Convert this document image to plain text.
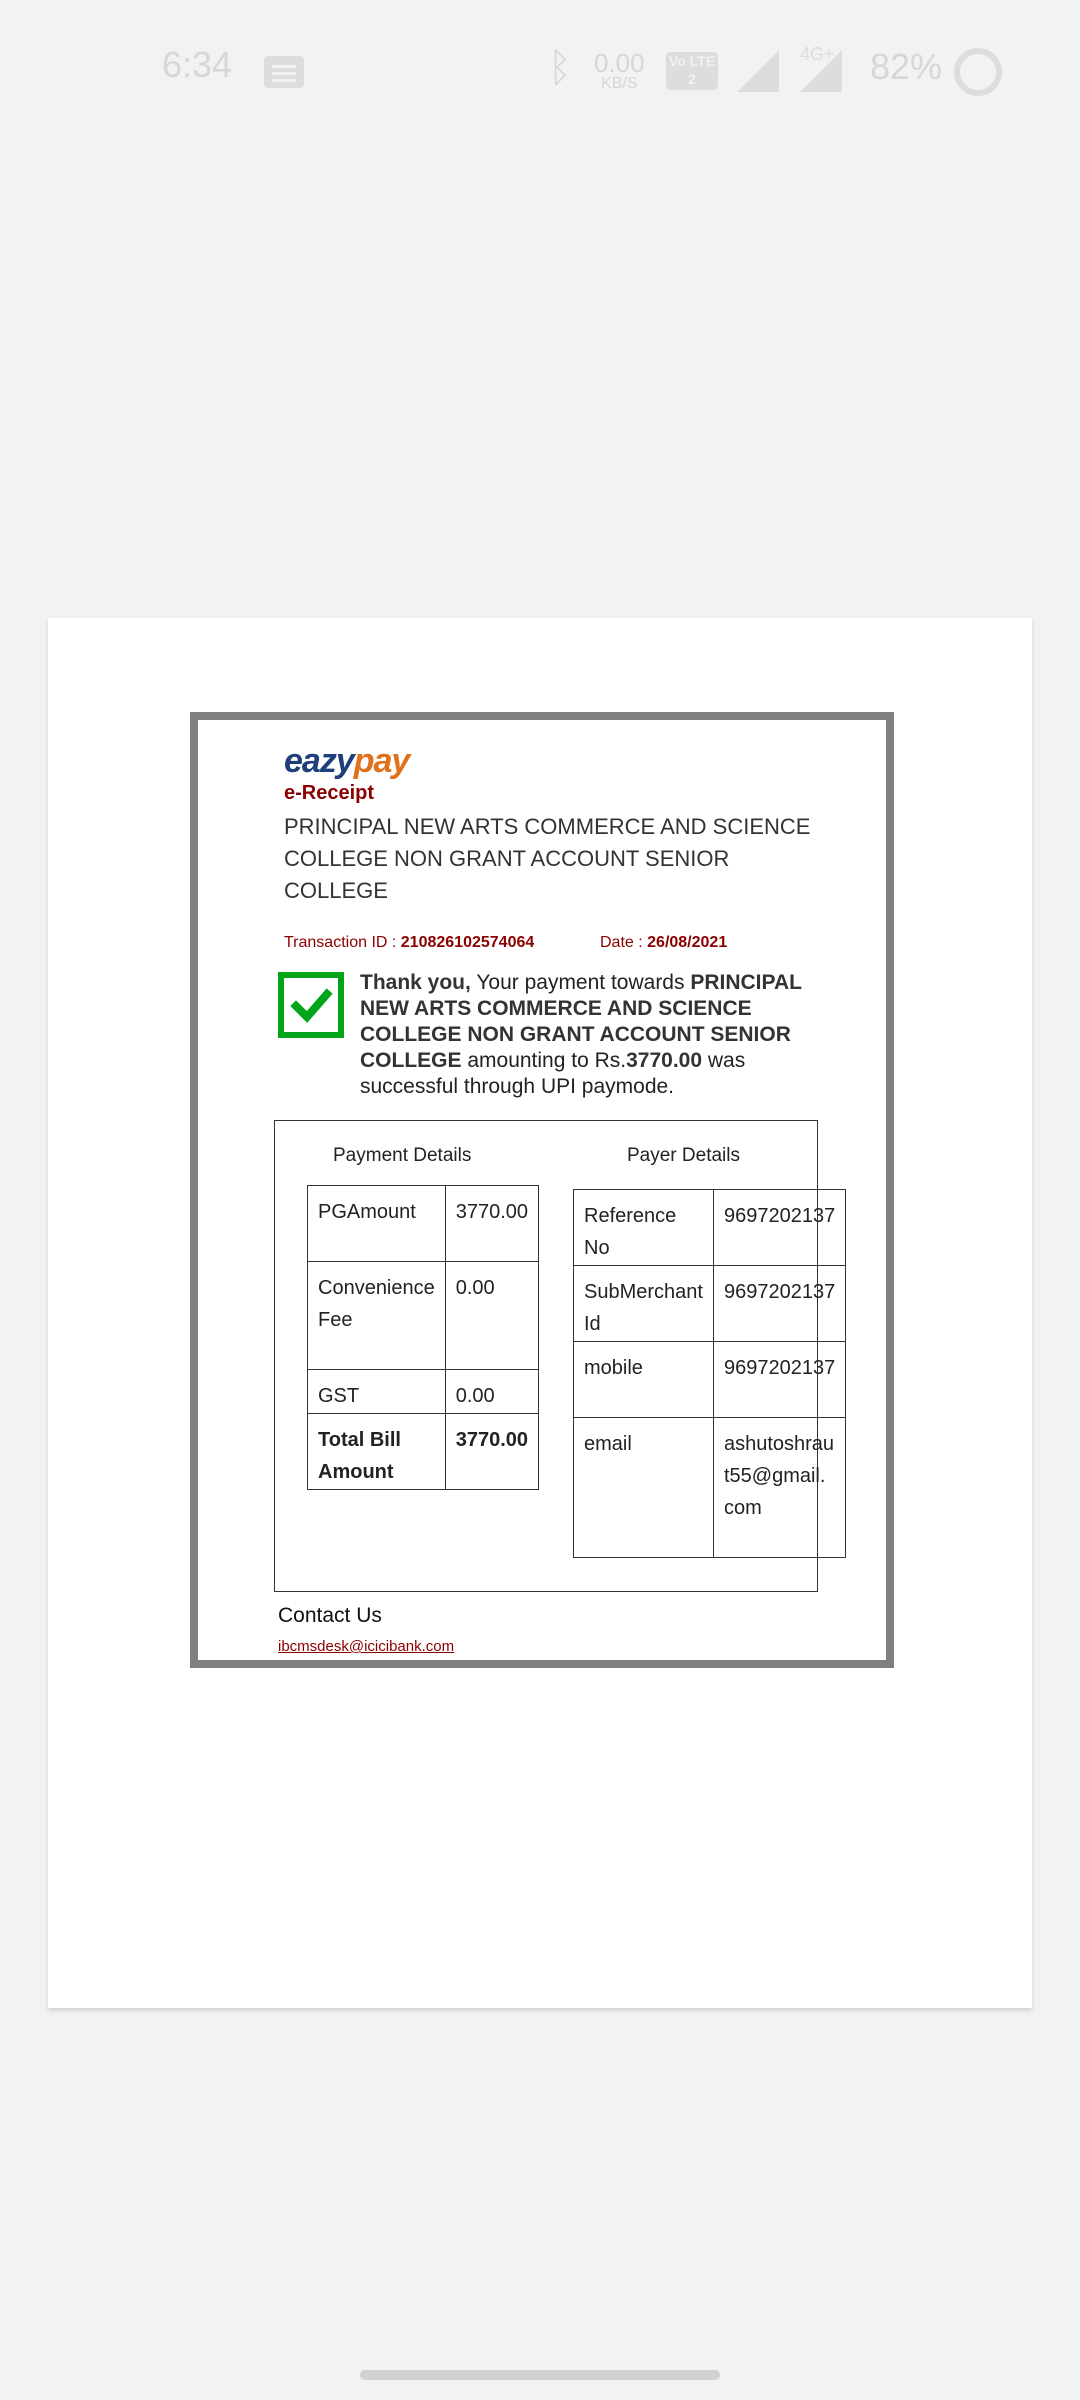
6:34	ᛒ 0.00
KB/S
Vo LTE 2
4G+ 82%
eazypay
e-Receipt
PRINCIPAL NEW ARTS COMMERCE AND SCIENCE COLLEGE NON GRANT ACCOUNT SENIOR COLLEGE
Transaction ID : 210826102574064	Date : 26/08/2021
Thank you, Your payment towards PRINCIPAL NEW ARTS COMMERCE AND SCIENCE COLLEGE NON GRANT ACCOUNT SENIOR COLLEGE amounting to Rs.3770.00 was successful through UPI paymode.
Payment Details	Payer Details
PGAmount	3770.00
Convenience Fee	0.00
GST	0.00
Total Bill Amount	3770.00
Reference No	9697202137
SubMerchant Id	9697202137
mobile	9697202137
email	ashutoshraut55@gmail.com
Contact Us
ibcmsdesk@icicibank.com
